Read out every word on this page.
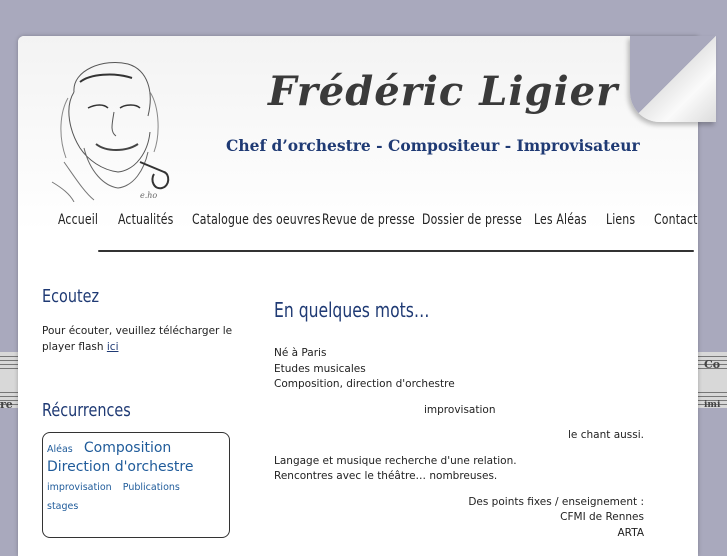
re
Co
imi
e.ho
Frédéric Ligier
Chef d’orchestre - Compositeur - Improvisateur
Accueil Actualités Catalogue des oeuvres Revue de presse Dossier de presse Les Aléas Liens Contact
Ecoutez
Pour écouter, veuillez télécharger le player flash ici
Récurrences
Aléas Composition
Direction d'orchestre
improvisation Publications stages
En quelques mots…
Né à Paris
Etudes musicales
Composition, direction d'orchestre
improvisation
le chant aussi.
Langage et musique recherche d'une relation.
Rencontres avec le théâtre… nombreuses.
Des points fixes / enseignement :
CFMI de Rennes
ARTA
